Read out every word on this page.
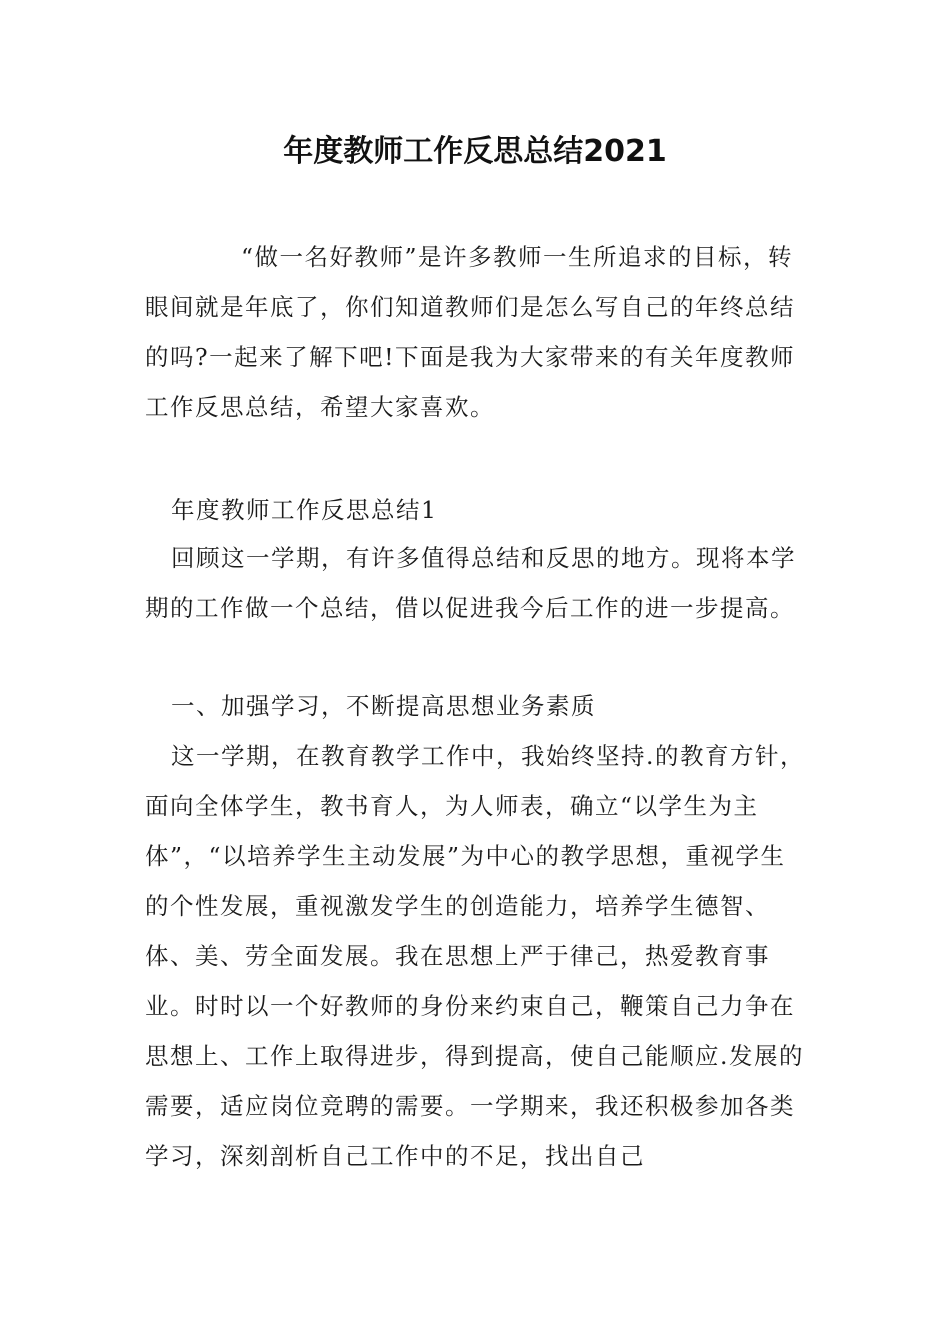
年度教师工作反思总结2021

“做一名好教师”是许多教师一生所追求的目标，转眼间就是年底了，你们知道教师们是怎么写自己的年终总结的吗?一起来了解下吧!下面是我为大家带来的有关年度教师工作反思总结，希望大家喜欢。

年度教师工作反思总结1

回顾这一学期，有许多值得总结和反思的地方。现将本学期的工作做一个总结，借以促进我今后工作的进一步提高。

一、加强学习，不断提高思想业务素质

这一学期，在教育教学工作中，我始终坚持.的教育方针，面向全体学生，教书育人，为人师表，确立“以学生为主体”，“以培养学生主动发展”为中心的教学思想，重视学生的个性发展，重视激发学生的创造能力，培养学生德智、体、美、劳全面发展。我在思想上严于律己，热爱教育事业。时时以一个好教师的身份来约束自己，鞭策自己力争在思想上、工作上取得进步，得到提高，使自己能顺应.发展的需要，适应岗位竞聘的需要。一学期来，我还积极参加各类学习，深刻剖析自己工作中的不足，找出自己
